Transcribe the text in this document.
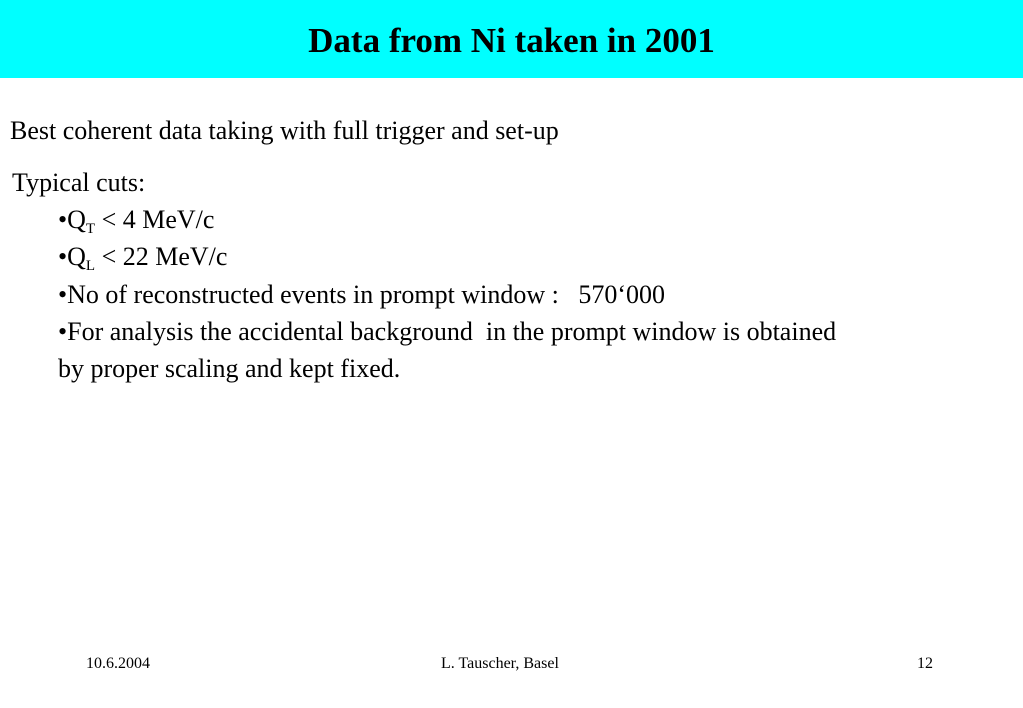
Data from Ni taken in 2001
Best coherent data taking with full trigger and set-up
Typical cuts:
$•Q_T < 4$ MeV/c
$•Q_L < 22$ MeV/c
•No of reconstructed events in prompt window :   570‘000
•For analysis the accidental background  in the prompt window is obtained
by proper scaling and kept fixed.
10.6.2004	L. Tauscher, Basel	12
